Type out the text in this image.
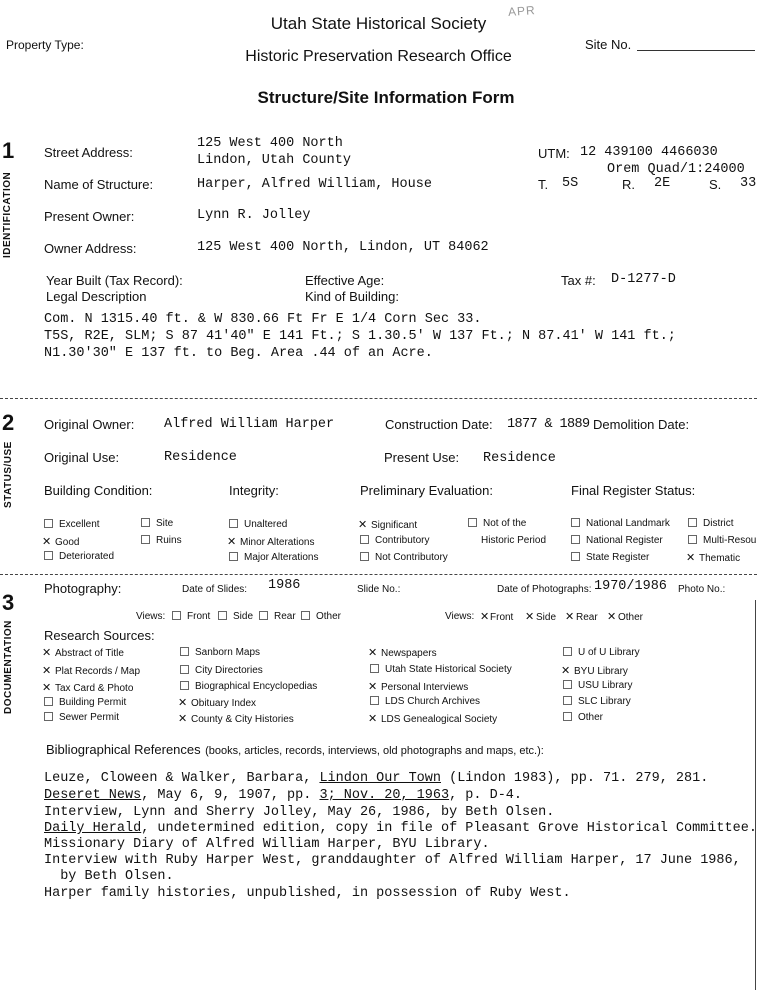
Utah State Historical Society
APR
Property Type:	Site No.
Historic Preservation Research Office
Structure/Site Information Form
1
IDENTIFICATION
Street Address:
125 West 400 North
Lindon, Utah County
Name of Structure:	Harper, Alfred William, House
Present Owner:	Lynn R. Jolley
Owner Address:	125 West 400 North, Lindon, UT 84062
UTM: 12 439100 4466030
Orem Quad/1:24000
T. 5S	R. 2E	S. 33
Year Built (Tax Record):
Legal Description
Effective Age:
Kind of Building:
Tax #: D-1277-D
Com. N 1315.40 ft. & W 830.66 Ft Fr E 1/4 Corn Sec 33.
T5S, R2E, SLM; S 87 41'40" E 141 Ft.; S 1.30.5' W 137 Ft.; N 87.41' W 141 ft.;
N1.30'30" E 137 ft. to Beg. Area .44 of an Acre.
2
STATUS/USE
Original Owner: Alfred William Harper	Construction Date: 1877 & 1889 Demolition Date:
Original Use:	Residence	Present Use: Residence
Building Condition:	Integrity:	Preliminary Evaluation:	Final Register Status:
Excellent	Site
✕ Good	Ruins
Deteriorated
Unaltered
✕ Minor Alterations
Major Alterations
✕ Significant	Not of the
Contributory	Historic Period
Not Contributory
National Landmark	District
National Register	Multi-Resou
State Register	✕ Thematic
3
DOCUMENTATION
Photography:	Date of Slides: 1986	Slide No.:	Date of Photographs: 1970/1986 Photo No.:
Views:	Front	Side	Rear	Other	Views: ✕Front ✕ Side ✕ Rear ✕ Other
Research Sources:
✕ Abstract of Title
✕ Plat Records / Map
✕ Tax Card & Photo
Building Permit
Sewer Permit
Sanborn Maps
City Directories
Biographical Encyclopedias
✕ Obituary Index
✕ County & City Histories
✕ Newspapers
Utah State Historical Society
✕ Personal Interviews
LDS Church Archives
✕ LDS Genealogical Society
U of U Library
✕ BYU Library
USU Library
SLC Library
Other
Bibliographical References (books, articles, records, interviews, old photographs and maps, etc.):
Leuze, Cloween & Walker, Barbara, Lindon Our Town (Lindon 1983), pp. 71. 279, 281.
Deseret News, May 6, 9, 1907, pp. 3; Nov. 20, 1963, p. D-4.
Interview, Lynn and Sherry Jolley, May 26, 1986, by Beth Olsen.
Daily Herald, undetermined edition, copy in file of Pleasant Grove Historical Committee.
Missionary Diary of Alfred William Harper, BYU Library.
Interview with Ruby Harper West, granddaughter of Alfred William Harper, 17 June 1986,
by Beth Olsen.
Harper family histories, unpublished, in possession of Ruby West.
